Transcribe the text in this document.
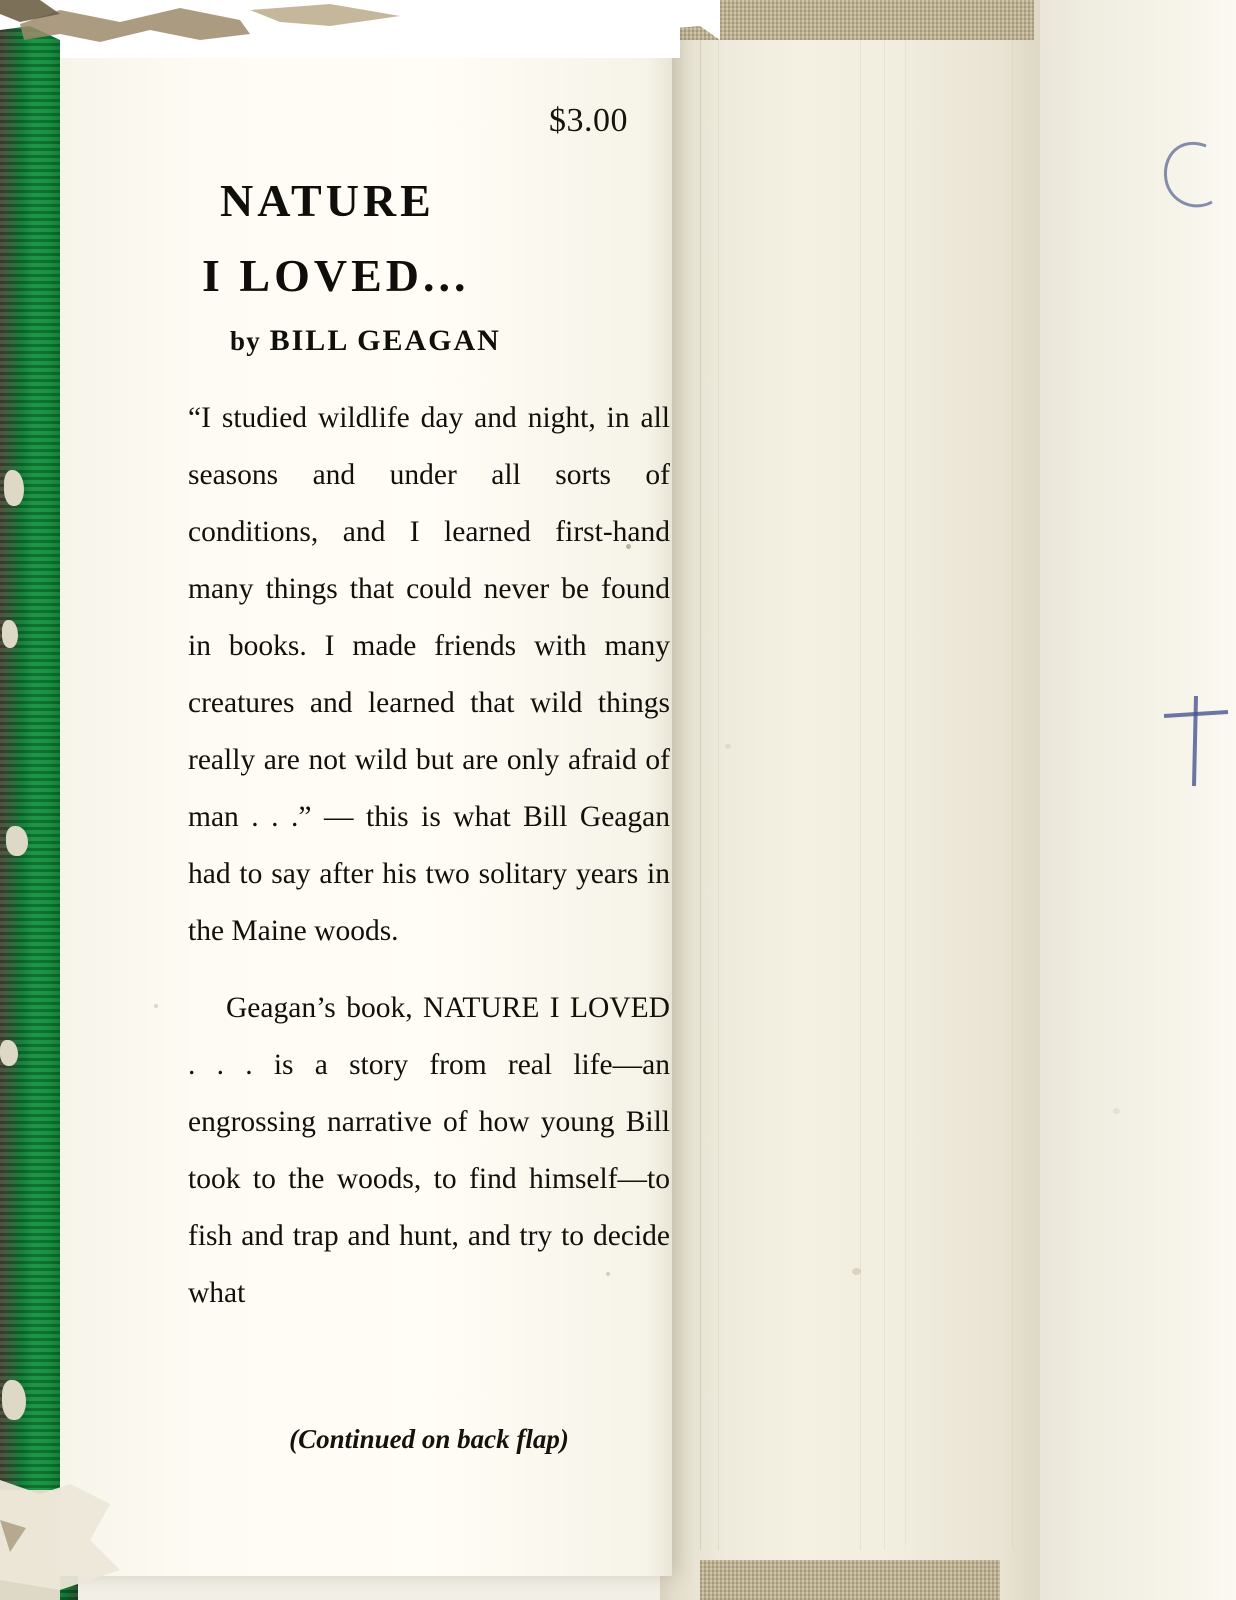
$3.00
NATURE
I LOVED...
by BILL GEAGAN

“I studied wildlife day and night, in all seasons and under all sorts of conditions, and I learned first-hand many things that could never be found in books. I made friends with many creatures and learned that wild things really are not wild but are only afraid of man . . .” — this is what Bill Geagan had to say after his two solitary years in the Maine woods.

Geagan’s book, NATURE I LOVED . . . is a story from real life—an engrossing narrative of how young Bill took to the woods, to find himself—to fish and trap and hunt, and try to decide what

(Continued on back flap)
